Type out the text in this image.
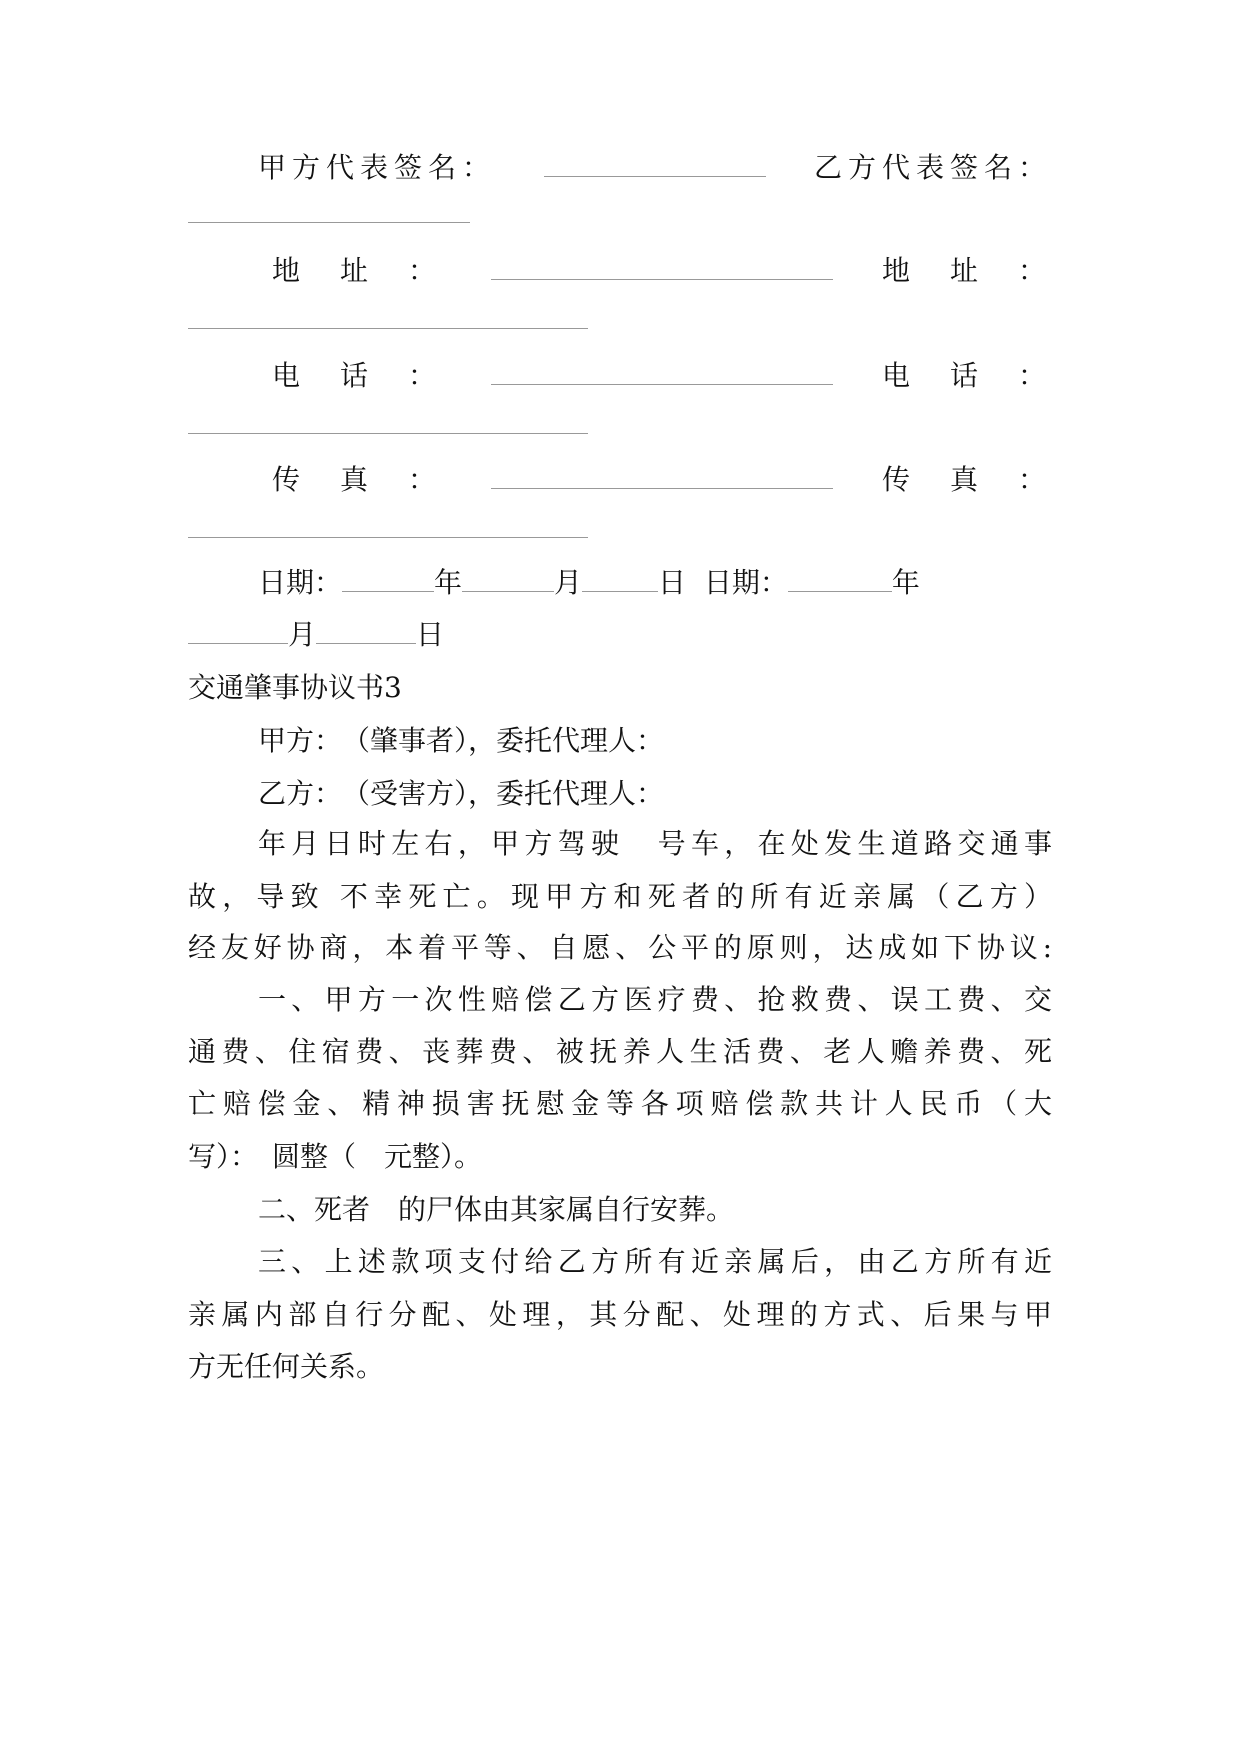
甲方代表签名：	乙方代表签名：
地　址　：	地　址　：
电　话　：	电　话　：
传　真　：	传　真　：
日期：	年	月	日 日期：	年
月	日
交通肇事协议书3
甲方：　（肇事者），委托代理人：
乙方：　（受害方），委托代理人：
年月日时左右，甲方驾驶　号车，在处发生道路交通事
故，导致 不幸死亡。现甲方和死者的所有近亲属（乙方）
经友好协商，本着平等、自愿、公平的原则，达成如下协议:
一、甲方一次性赔偿乙方医疗费、抢救费、误工费、交
通费、住宿费、丧葬费、被抚养人生活费、老人赡养费、死
亡赔偿金、精神损害抚慰金等各项赔偿款共计人民币（大
写）：　圆整（　元整）。
二、死者　的尸体由其家属自行安葬。
三、上述款项支付给乙方所有近亲属后，由乙方所有近
亲属内部自行分配、处理，其分配、处理的方式、后果与甲
方无任何关系。
